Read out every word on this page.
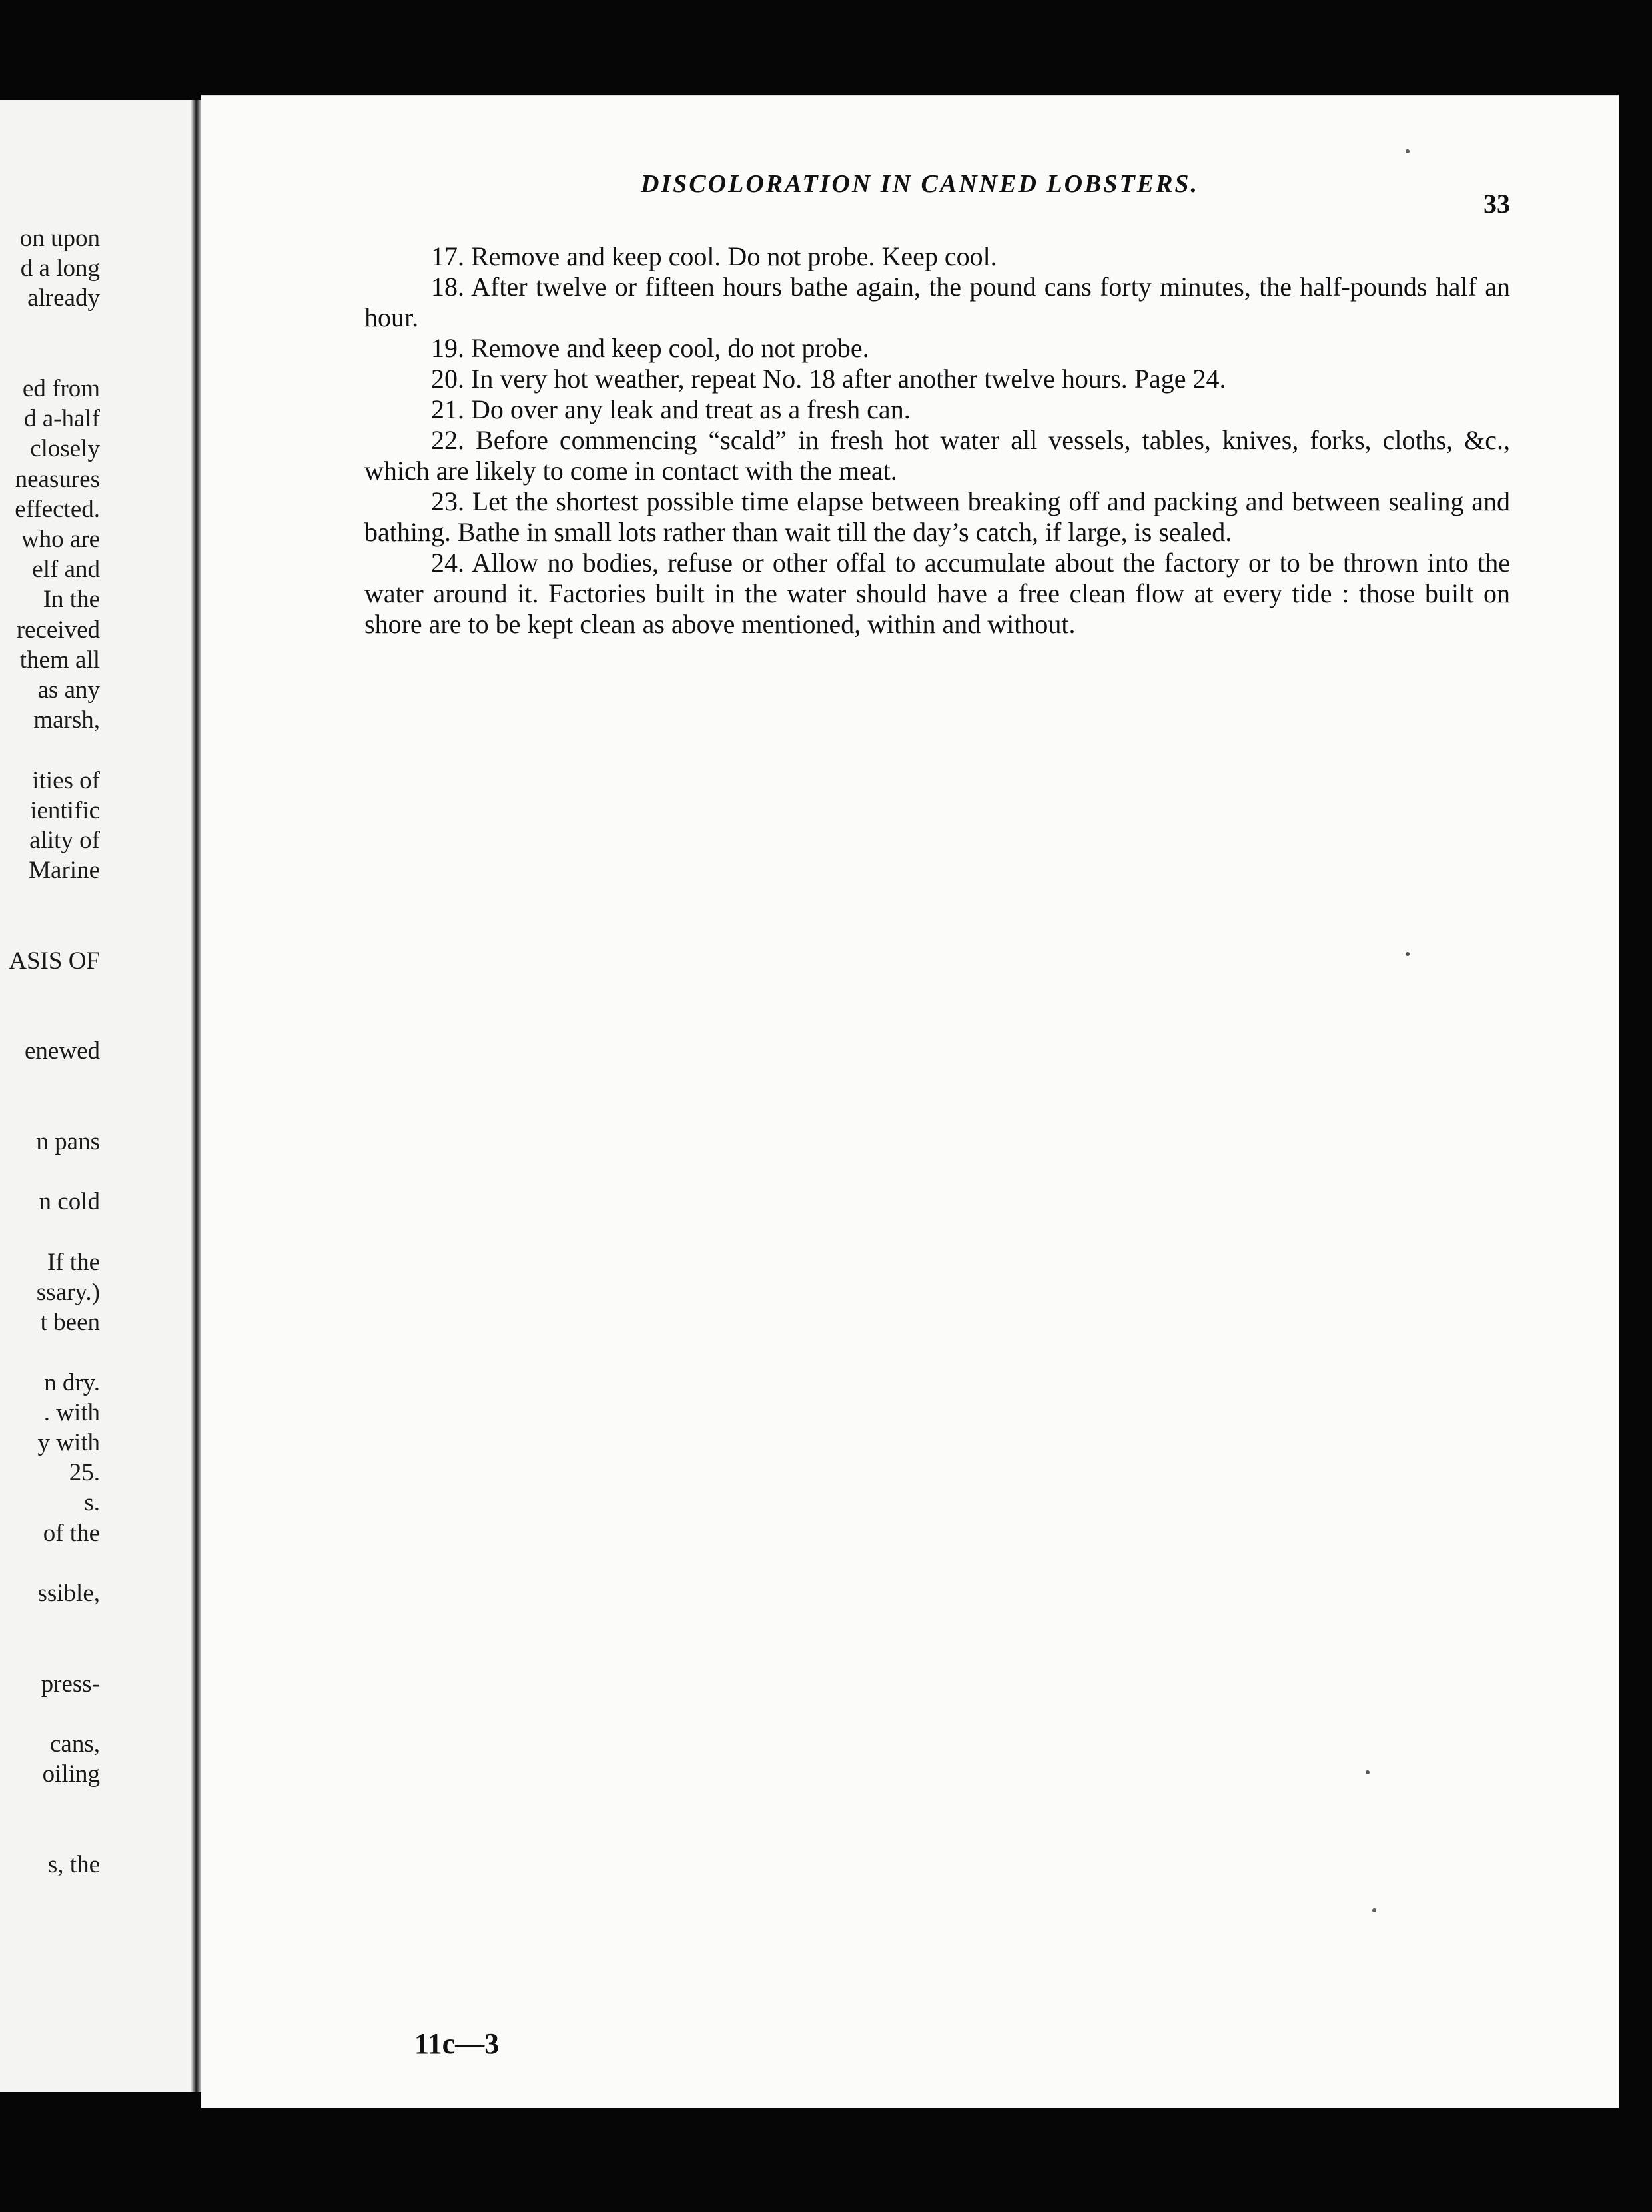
on upon
d a long
already
ed from
d a-half
closely
neasures
effected.
who are
elf and
In the
received
them all
as any
marsh,
ities of
ientific
ality of
Marine
ASIS OF
enewed
n pans
n cold
If the
ssary.)
t been
n dry.
. with
y with
25.
s.
of the
ssible,
press-
cans,
oiling
s, the
DISCOLORATION IN CANNED LOBSTERS.
33

17. Remove and keep cool. Do not probe. Keep cool.

18. After twelve or fifteen hours bathe again, the pound cans forty minutes, the half-pounds half an hour.

19. Remove and keep cool, do not probe.

20. In very hot weather, repeat No. 18 after another twelve hours. Page 24.

21. Do over any leak and treat as a fresh can.

22. Before commencing “scald” in fresh hot water all vessels, tables, knives, forks, cloths, &c., which are likely to come in contact with the meat.

23. Let the shortest possible time elapse between breaking off and packing and between sealing and bathing. Bathe in small lots rather than wait till the day’s catch, if large, is sealed.

24. Allow no bodies, refuse or other offal to accumulate about the factory or to be thrown into the water around it. Factories built in the water should have a free clean flow at every tide : those built on shore are to be kept clean as above mentioned, within and without.

11c—3
